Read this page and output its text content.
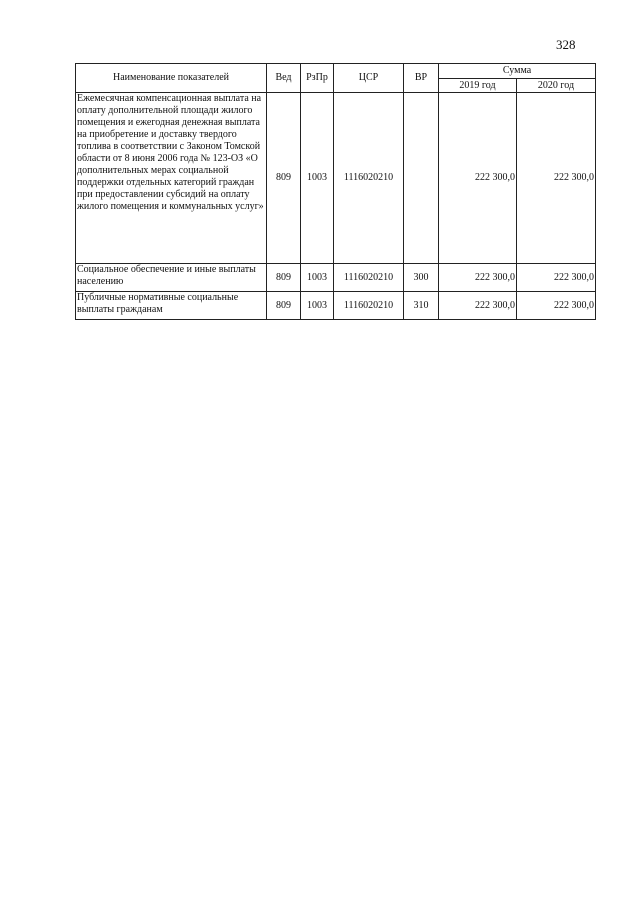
328
Наименование показателей	Вед	РзПр	ЦСР	ВР	Сумма	
					2019 год	2020 год
Ежемесячная компенсационная выплата на оплату дополнительной площади жилого помещения и ежегодная денежная выплата на приобретение и доставку твердого топлива в соответствии с Законом Томской области от 8 июня 2006 года № 123-ОЗ «О дополнительных мерах социальной поддержки отдельных категорий граждан при предоставлении субсидий на оплату жилого помещения и коммунальных услуг»	809	1003	1116020210		222 300,0	222 300,0
Социальное обеспечение и иные выплаты населению	809	1003	1116020210	300	222 300,0	222 300,0
Публичные нормативные социальные выплаты гражданам	809	1003	1116020210	310	222 300,0	222 300,0
